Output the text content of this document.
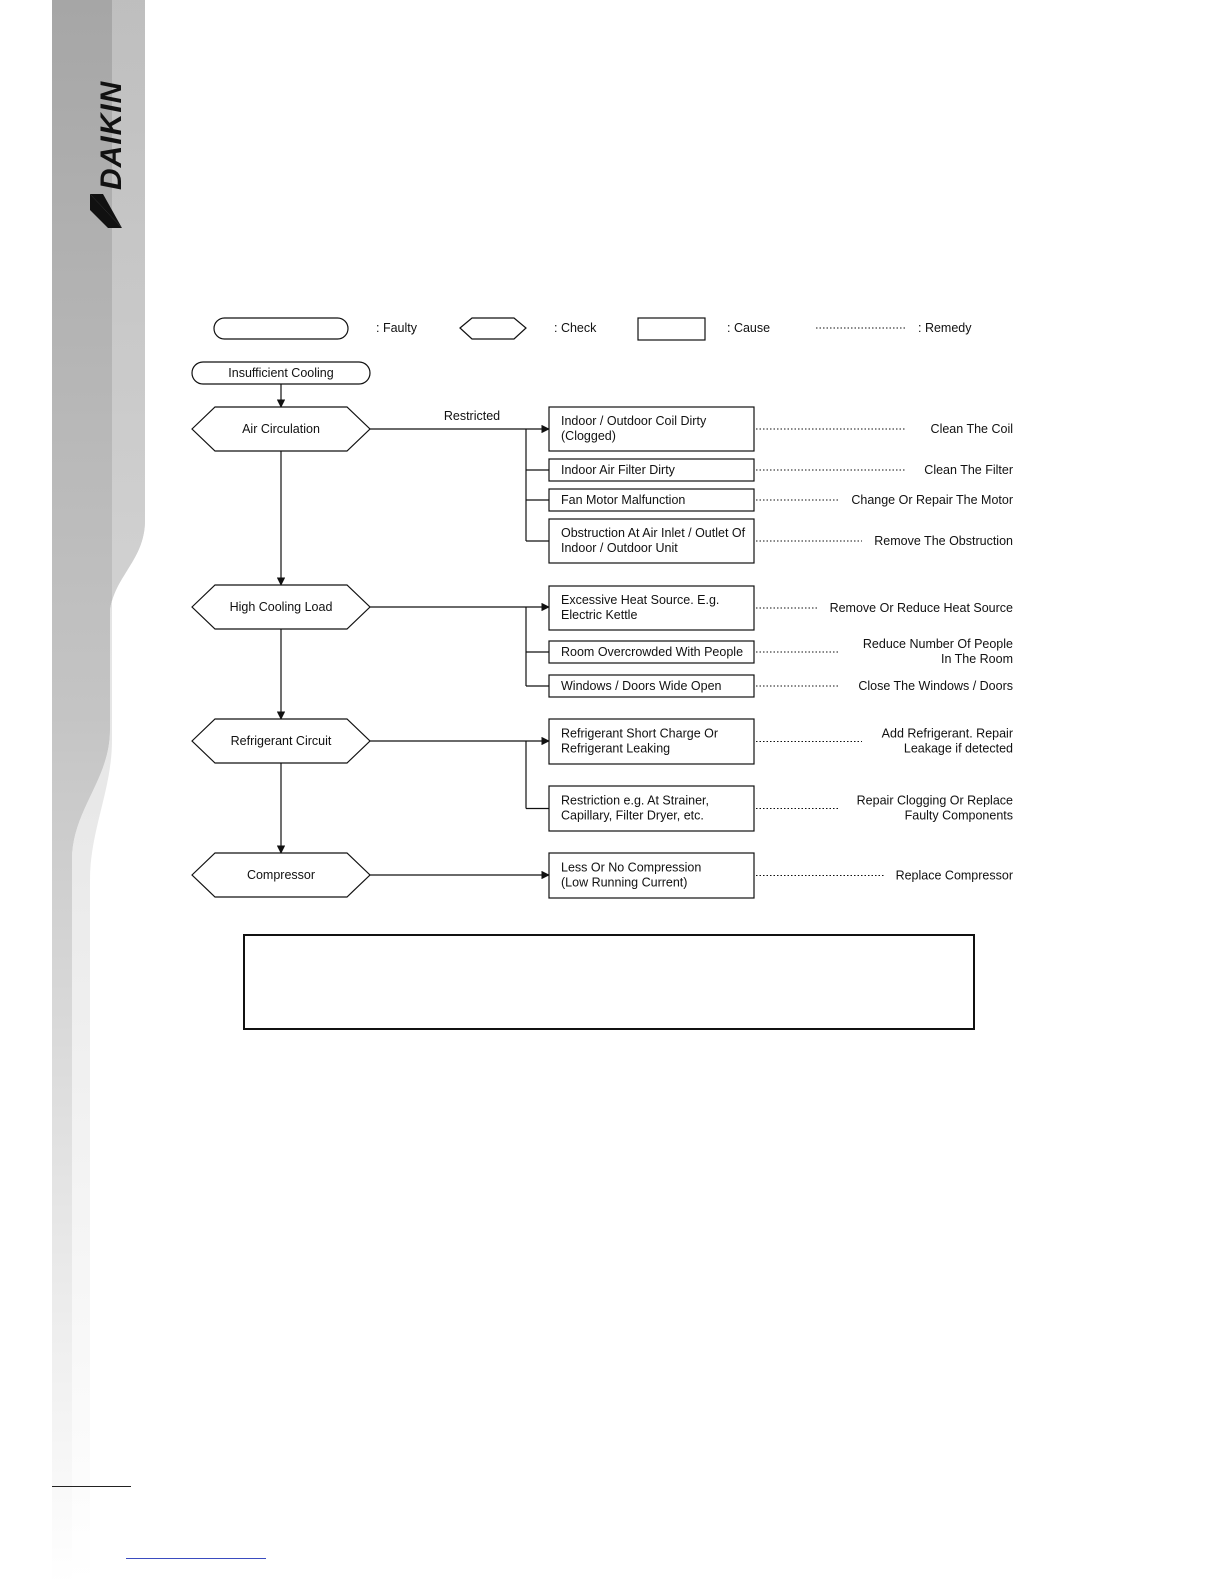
DAIKIN
: Faulty	: Check	: Cause	: Remedy
Insufficient Cooling
Air Circulation
Restricted	Indoor / Outdoor Coil Dirty
(Clogged)	Clean The Coil
Indoor Air Filter Dirty	Clean The Filter
Fan Motor Malfunction	Change Or Repair The Motor
Obstruction At Air Inlet / Outlet Of
Indoor / Outdoor Unit	Remove The Obstruction
High Cooling Load	Excessive Heat Source. E.g.
Electric Kettle	Remove Or Reduce Heat Source
Room Overcrowded With People
Reduce Number Of People
In The Room
Windows / Doors Wide Open	Close The Windows / Doors
Refrigerant Circuit
Refrigerant Short Charge Or
Refrigerant Leaking
Add Refrigerant. Repair
Leakage if detected
Restriction e.g. At Strainer,
Capillary, Filter Dryer, etc.
Repair Clogging Or Replace
Faulty Components
Compressor
Less Or No Compression
(Low Running Current)	Replace Compressor
